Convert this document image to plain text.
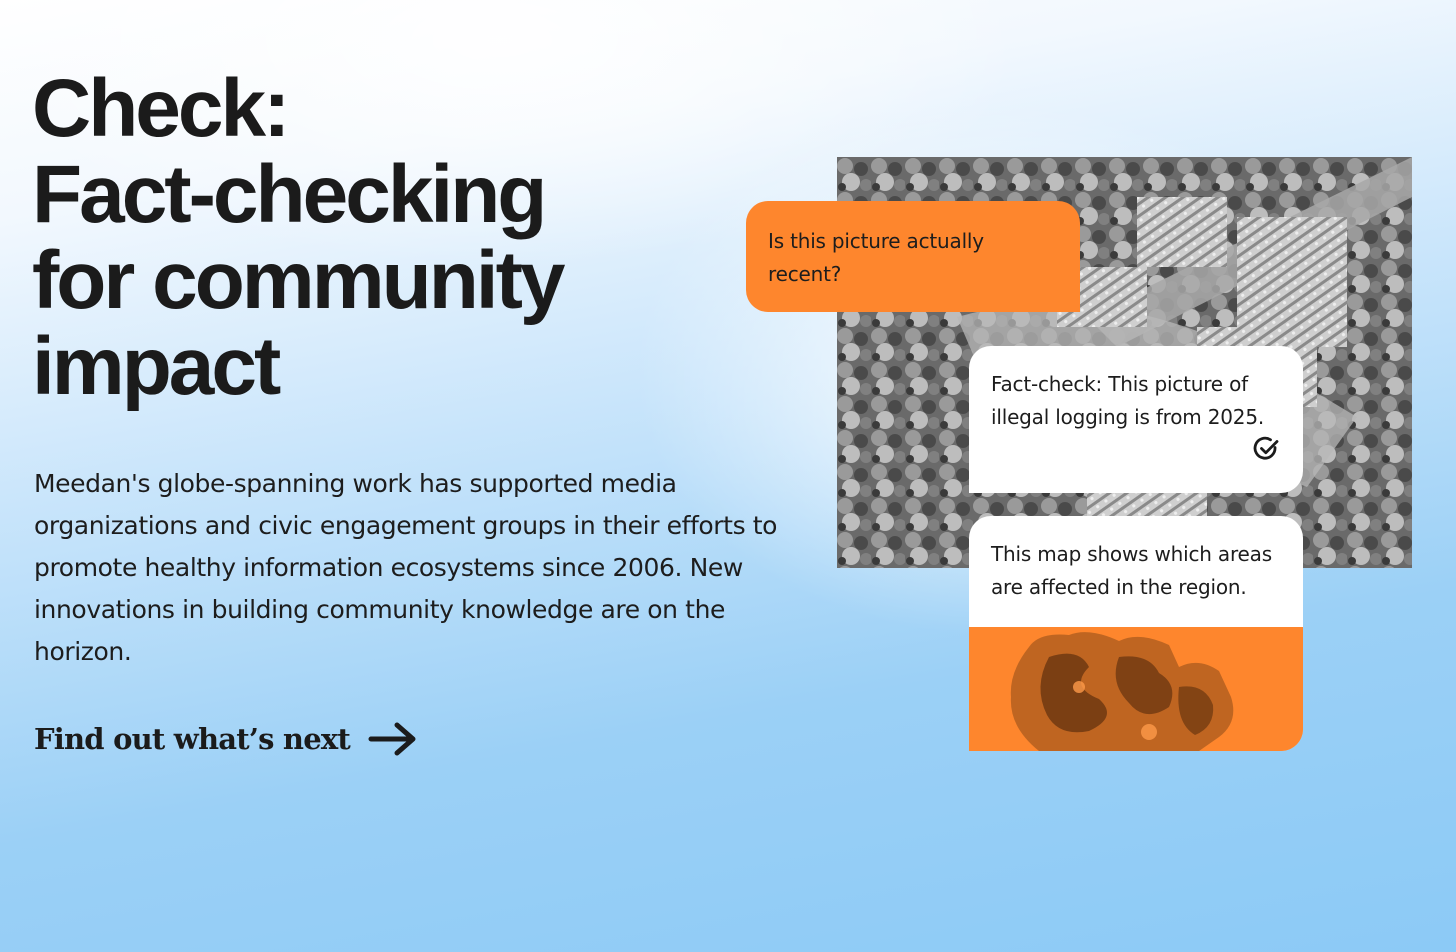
Check:
Fact-checking
for community
impact

Meedan's globe-spanning work has supported media organizations and civic engagement groups in their efforts to promote healthy information ecosystems since 2006. New innovations in building community knowledge are on the horizon.

Find out what’s next
Is this picture actually recent?
Fact-check: This picture of illegal logging is from 2025.
This map shows which areas are affected in the region.
